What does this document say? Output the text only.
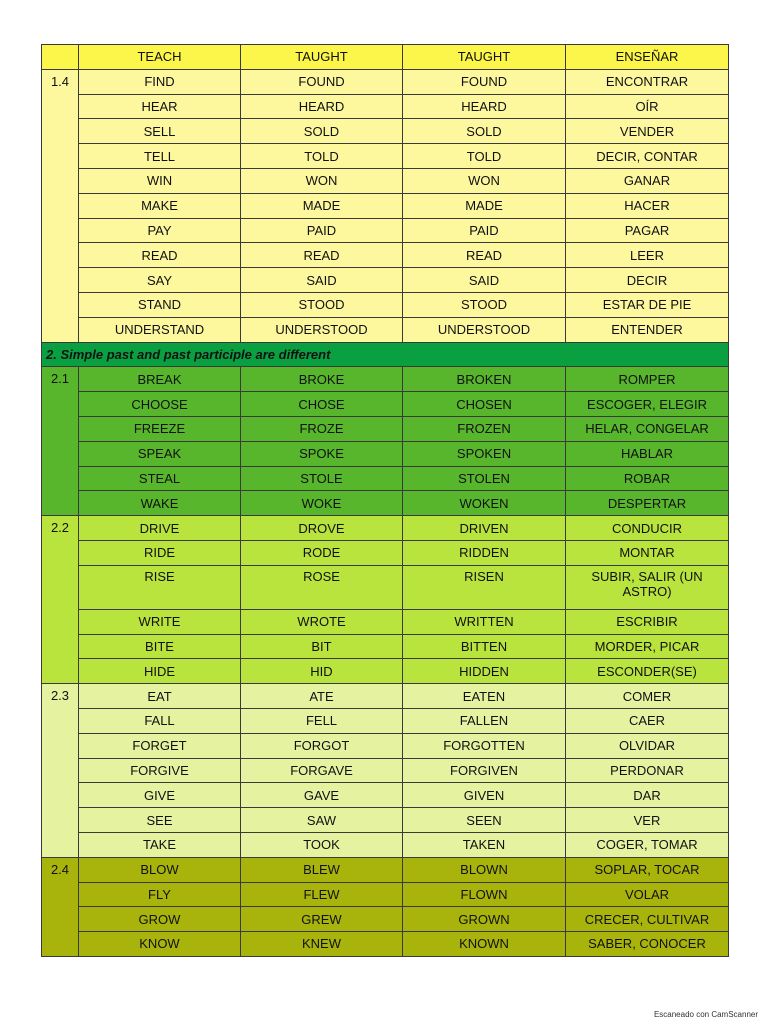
	TEACH	TAUGHT	TAUGHT	ENSEÑAR
1.4	FIND	FOUND	FOUND	ENCONTRAR
	HEAR	HEARD	HEARD	OÍR
	SELL	SOLD	SOLD	VENDER
	TELL	TOLD	TOLD	DECIR, CONTAR
	WIN	WON	WON	GANAR
	MAKE	MADE	MADE	HACER
	PAY	PAID	PAID	PAGAR
	READ	READ	READ	LEER
	SAY	SAID	SAID	DECIR
	STAND	STOOD	STOOD	ESTAR DE PIE
	UNDERSTAND	UNDERSTOOD	UNDERSTOOD	ENTENDER
2. Simple past and past participle are different				
2.1	BREAK	BROKE	BROKEN	ROMPER
	CHOOSE	CHOSE	CHOSEN	ESCOGER, ELEGIR
	FREEZE	FROZE	FROZEN	HELAR, CONGELAR
	SPEAK	SPOKE	SPOKEN	HABLAR
	STEAL	STOLE	STOLEN	ROBAR
	WAKE	WOKE	WOKEN	DESPERTAR
2.2	DRIVE	DROVE	DRIVEN	CONDUCIR
	RIDE	RODE	RIDDEN	MONTAR
	RISE	ROSE	RISEN	SUBIR, SALIR (UN ASTRO)
	WRITE	WROTE	WRITTEN	ESCRIBIR
	BITE	BIT	BITTEN	MORDER, PICAR
	HIDE	HID	HIDDEN	ESCONDER(SE)
2.3	EAT	ATE	EATEN	COMER
	FALL	FELL	FALLEN	CAER
	FORGET	FORGOT	FORGOTTEN	OLVIDAR
	FORGIVE	FORGAVE	FORGIVEN	PERDONAR
	GIVE	GAVE	GIVEN	DAR
	SEE	SAW	SEEN	VER
	TAKE	TOOK	TAKEN	COGER, TOMAR
2.4	BLOW	BLEW	BLOWN	SOPLAR, TOCAR
	FLY	FLEW	FLOWN	VOLAR
	GROW	GREW	GROWN	CRECER, CULTIVAR
	KNOW	KNEW	KNOWN	SABER, CONOCER
Escaneado con CamScanner
